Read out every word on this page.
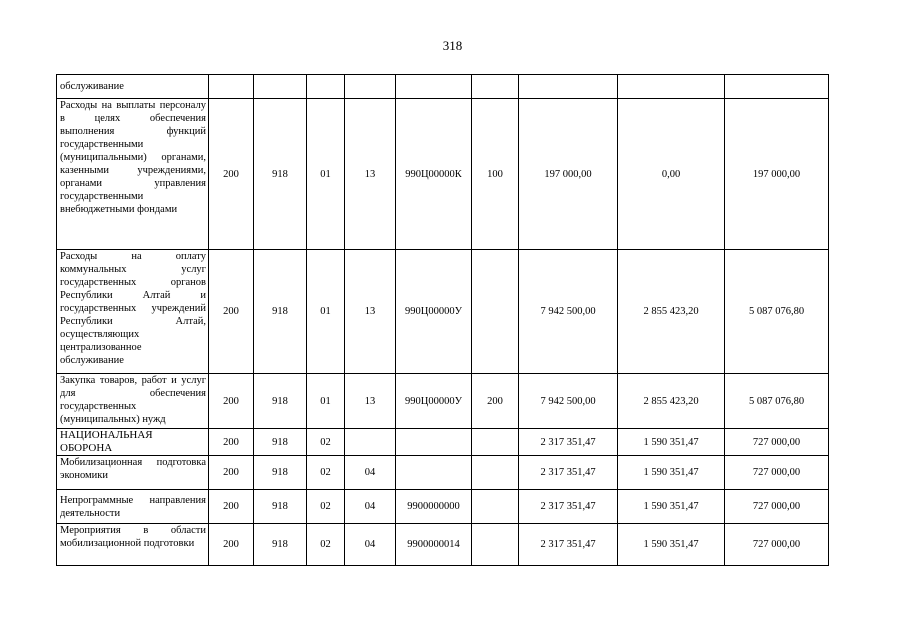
318
обслуживание									
Расходы на выплаты персоналу в целях обеспечения выполнения функций государственными (муниципальными) органами, казенными учреждениями, органами управления государственными внебюджетными фондами	200	918	01	13	990Ц00000К	100	197 000,00	0,00	197 000,00
Расходы на оплату коммунальных услуг государственных органов Республики Алтай и государственных учреждений Республики Алтай, осуществляющих централизованное обслуживание	200	918	01	13	990Ц00000У		7 942 500,00	2 855 423,20	5 087 076,80
Закупка товаров, работ и услуг для обеспечения государственных (муниципальных) нужд	200	918	01	13	990Ц00000У	200	7 942 500,00	2 855 423,20	5 087 076,80
НАЦИОНАЛЬНАЯ ОБОРОНА	200	918	02				2 317 351,47	1 590 351,47	727 000,00
Мобилизационная подготовка экономики	200	918	02	04			2 317 351,47	1 590 351,47	727 000,00
Непрограммные направления деятельности	200	918	02	04	9900000000		2 317 351,47	1 590 351,47	727 000,00
Мероприятия в области мобилизационной подготовки	200	918	02	04	9900000014		2 317 351,47	1 590 351,47	727 000,00
